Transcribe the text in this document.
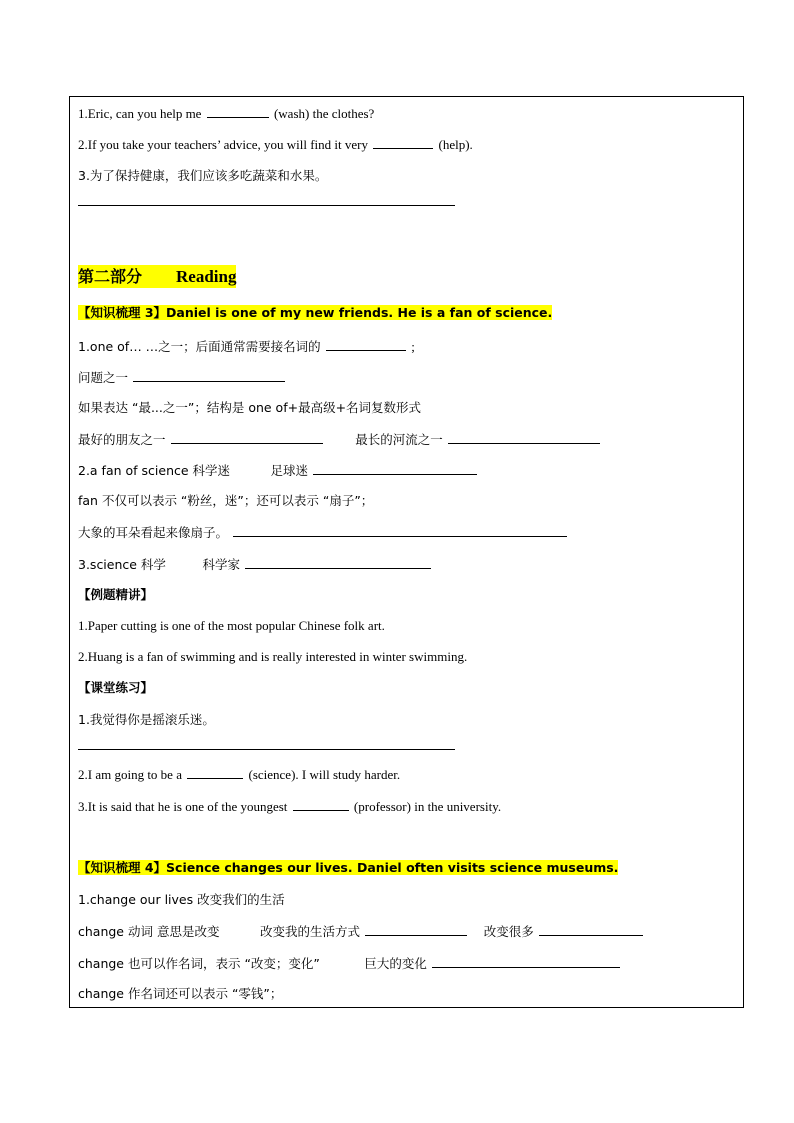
1.Eric, can you help me	(wash) the clothes?
2.If you take your teachers’ advice, you will find it very	(help).
3.为了保持健康，我们应该多吃蔬菜和水果。
第二部分 Reading
【知识梳理 3】Daniel is one of my new friends. He is a fan of science.
1.one of… …之一；后面通常需要接名词的	;
问题之一
如果表达 “最...之一”；结构是 one of+最高级+名词复数形式
最好的朋友之一	最长的河流之一
2.a fan of science 科学迷	足球迷
fan 不仅可以表示 “粉丝，迷”；还可以表示 “扇子”；
大象的耳朵看起来像扇子。
3.science 科学	科学家
【例题精讲】
1.Paper cutting is one of the most popular Chinese folk art.
2.Huang is a fan of swimming and is really interested in winter swimming.
【课堂练习】
1.我觉得你是摇滚乐迷。
2.I am going to be a	(science). I will study harder.
3.It is said that he is one of the youngest	(professor) in the university.
【知识梳理 4】Science changes our lives. Daniel often visits science museums.
1.change our lives 改变我们的生活
change 动词 意思是改变	改变我的生活方式	改变很多
change 也可以作名词，表示 “改变；变化”	巨大的变化
change 作名词还可以表示 “零钱”；
